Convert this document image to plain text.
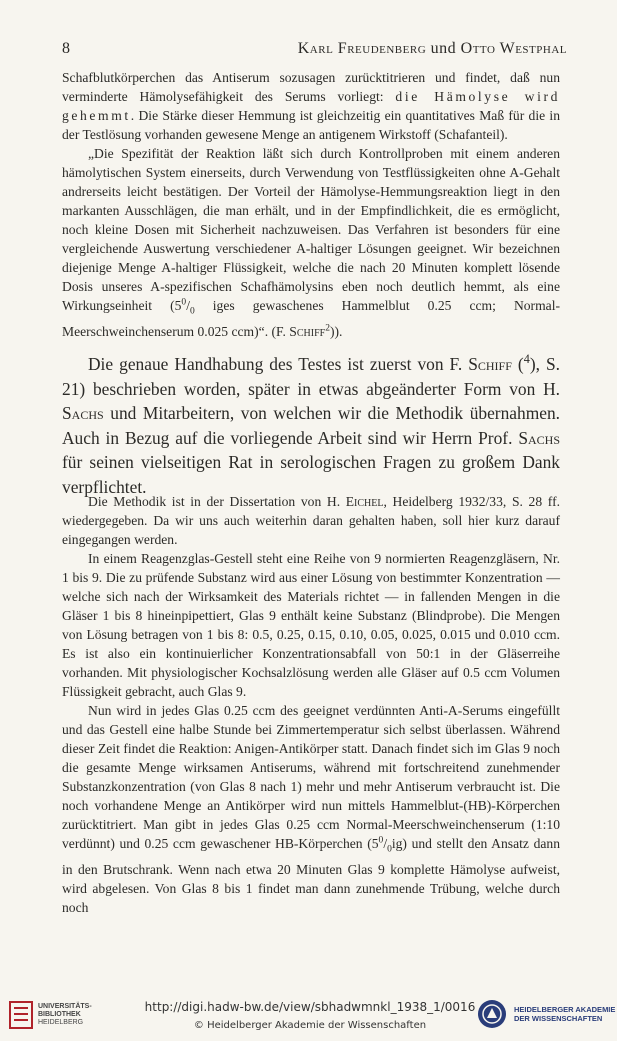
8	Karl Freudenberg und Otto Westphal

Schafblutkörperchen das Antiserum sozusagen zurücktitrieren und findet, daß nun verminderte Hämolysefähigkeit des Serums vorliegt: die Hämolyse wird gehemmt. Die Stärke dieser Hemmung ist gleichzeitig ein quantitatives Maß für die in der Testlösung vorhanden gewesene Menge an antigenem Wirkstoff (Schafanteil).

„Die Spezifität der Reaktion läßt sich durch Kontrollproben mit einem anderen hämolytischen System einerseits, durch Verwendung von Testflüssigkeiten ohne A-Gehalt andrerseits leicht bestätigen. Der Vorteil der Hämolyse-Hemmungsreaktion liegt in den markanten Ausschlägen, die man erhält, und in der Empfindlichkeit, die es ermöglicht, noch kleine Dosen mit Sicherheit nachzuweisen. Das Verfahren ist besonders für eine vergleichende Auswertung verschiedener A-haltiger Lösungen geeignet. Wir bezeichnen diejenige Menge A-haltiger Flüssigkeit, welche die nach 20 Minuten komplett lösende Dosis unseres A-spezifischen Schafhämolysins eben noch deutlich hemmt, als eine Wirkungseinheit ($5^0/_0$ iges gewaschenes Hammelblut 0.25 ccm; Normal-Meerschweinchenserum 0.025 ccm)“. (F. Schiff$^2$)).

Die genaue Handhabung des Testes ist zuerst von F. Schiff ($^4$), S. 21) beschrieben worden, später in etwas abgeänderter Form von H. Sachs und Mitarbeitern, von welchen wir die Methodik übernahmen. Auch in Bezug auf die vorliegende Arbeit sind wir Herrn Prof. Sachs für seinen vielseitigen Rat in serologischen Fragen zu großem Dank verpflichtet.

Die Methodik ist in der Dissertation von H. Eichel, Heidelberg 1932/33, S. 28 ff. wiedergegeben. Da wir uns auch weiterhin daran gehalten haben, soll hier kurz darauf eingegangen werden.

In einem Reagenzglas-Gestell steht eine Reihe von 9 normierten Reagenzgläsern, Nr. 1 bis 9. Die zu prüfende Substanz wird aus einer Lösung von bestimmter Konzentration — welche sich nach der Wirksamkeit des Materials richtet — in fallenden Mengen in die Gläser 1 bis 8 hineinpipettiert, Glas 9 enthält keine Substanz (Blindprobe). Die Mengen von Lösung betragen von 1 bis 8: 0.5, 0.25, 0.15, 0.10, 0.05, 0.025, 0.015 und 0.010 ccm. Es ist also ein kontinuierlicher Konzentrationsabfall von 50:1 in der Gläserreihe vorhanden. Mit physiologischer Kochsalzlösung werden alle Gläser auf 0.5 ccm Volumen Flüssigkeit gebracht, auch Glas 9.

Nun wird in jedes Glas 0.25 ccm des geeignet verdünnten Anti-A-Serums eingefüllt und das Gestell eine halbe Stunde bei Zimmertemperatur sich selbst überlassen. Während dieser Zeit findet die Reaktion: Anigen-Antikörper statt. Danach findet sich im Glas 9 noch die gesamte Menge wirksamen Antiserums, während mit fortschreitend zunehmender Substanzkonzentration (von Glas 8 nach 1) mehr und mehr Antiserum verbraucht ist. Die noch vorhandene Menge an Antikörper wird nun mittels Hammelblut-(HB)-Körperchen zurücktitriert. Man gibt in jedes Glas 0.25 ccm Normal-Meerschweinchenserum (1:10 verdünnt) und 0.25 ccm gewaschener HB-Körperchen $(5^0/_0ig)$ und stellt den Ansatz dann in den Brutschrank. Wenn nach etwa 20 Minuten Glas 9 komplette Hämolyse aufweist, wird abgelesen. Von Glas 8 bis 1 findet man dann zunehmende Trübung, welche durch noch

UNIVERSITÄTS-
BIBLIOTHEK
HEIDELBERG
http://digi.hadw-bw.de/view/sbhadwmnkl_1938_1/0016
© Heidelberger Akademie der Wissenschaften
HEIDELBERGER AKADEMIE
DER WISSENSCHAFTEN
